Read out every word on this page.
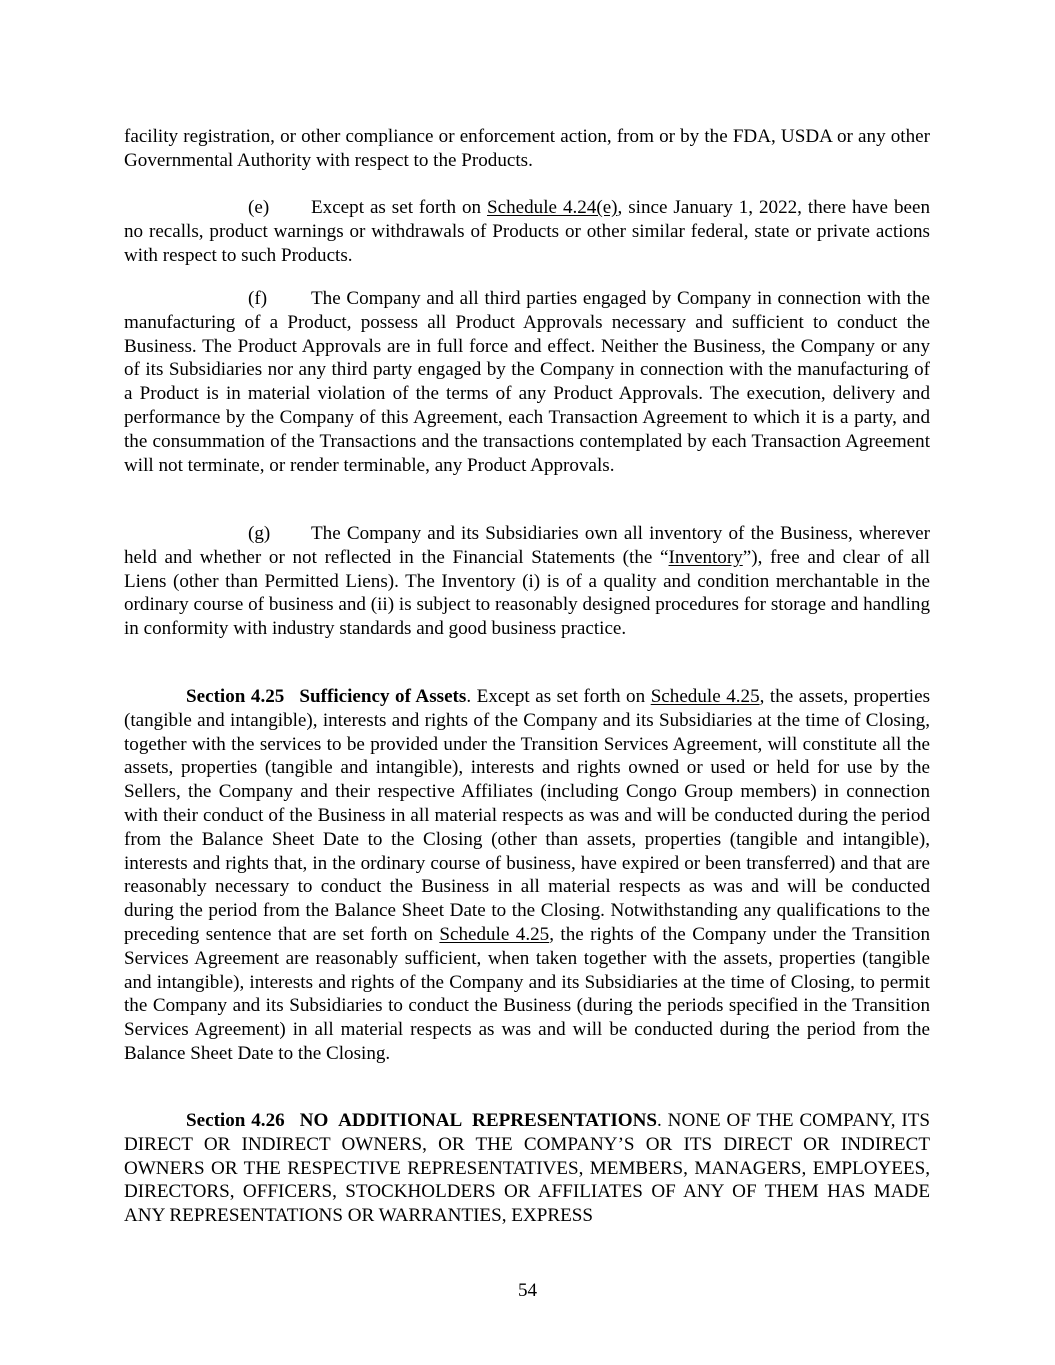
facility registration, or other compliance or enforcement action, from or by the FDA, USDA or any other Governmental Authority with respect to the Products.

(e) Except as set forth on Schedule 4.24(e), since January 1, 2022, there have been no recalls, product warnings or withdrawals of Products or other similar federal, state or private actions with respect to such Products.

(f) The Company and all third parties engaged by Company in connection with the manufacturing of a Product, possess all Product Approvals necessary and sufficient to conduct the Business. The Product Approvals are in full force and effect. Neither the Business, the Company or any of its Subsidiaries nor any third party engaged by the Company in connection with the manufacturing of a Product is in material violation of the terms of any Product Approvals. The execution, delivery and performance by the Company of this Agreement, each Transaction Agreement to which it is a party, and the consummation of the Transactions and the transactions contemplated by each Transaction Agreement will not terminate, or render terminable, any Product Approvals.

(g) The Company and its Subsidiaries own all inventory of the Business, wherever held and whether or not reflected in the Financial Statements (the “Inventory”), free and clear of all Liens (other than Permitted Liens). The Inventory (i) is of a quality and condition merchantable in the ordinary course of business and (ii) is subject to reasonably designed procedures for storage and handling in conformity with industry standards and good business practice.

Section 4.25 Sufficiency of Assets. Except as set forth on Schedule 4.25, the assets, properties (tangible and intangible), interests and rights of the Company and its Subsidiaries at the time of Closing, together with the services to be provided under the Transition Services Agreement, will constitute all the assets, properties (tangible and intangible), interests and rights owned or used or held for use by the Sellers, the Company and their respective Affiliates (including Congo Group members) in connection with their conduct of the Business in all material respects as was and will be conducted during the period from the Balance Sheet Date to the Closing (other than assets, properties (tangible and intangible), interests and rights that, in the ordinary course of business, have expired or been transferred) and that are reasonably necessary to conduct the Business in all material respects as was and will be conducted during the period from the Balance Sheet Date to the Closing. Notwithstanding any qualifications to the preceding sentence that are set forth on Schedule 4.25, the rights of the Company under the Transition Services Agreement are reasonably sufficient, when taken together with the assets, properties (tangible and intangible), interests and rights of the Company and its Subsidiaries at the time of Closing, to permit the Company and its Subsidiaries to conduct the Business (during the periods specified in the Transition Services Agreement) in all material respects as was and will be conducted during the period from the Balance Sheet Date to the Closing.

Section 4.26 NO ADDITIONAL REPRESENTATIONS. NONE OF THE COMPANY, ITS DIRECT OR INDIRECT OWNERS, OR THE COMPANY’S OR ITS DIRECT OR INDIRECT OWNERS OR THE RESPECTIVE REPRESENTATIVES, MEMBERS, MANAGERS, EMPLOYEES, DIRECTORS, OFFICERS, STOCKHOLDERS OR AFFILIATES OF ANY OF THEM HAS MADE ANY REPRESENTATIONS OR WARRANTIES, EXPRESS

54
